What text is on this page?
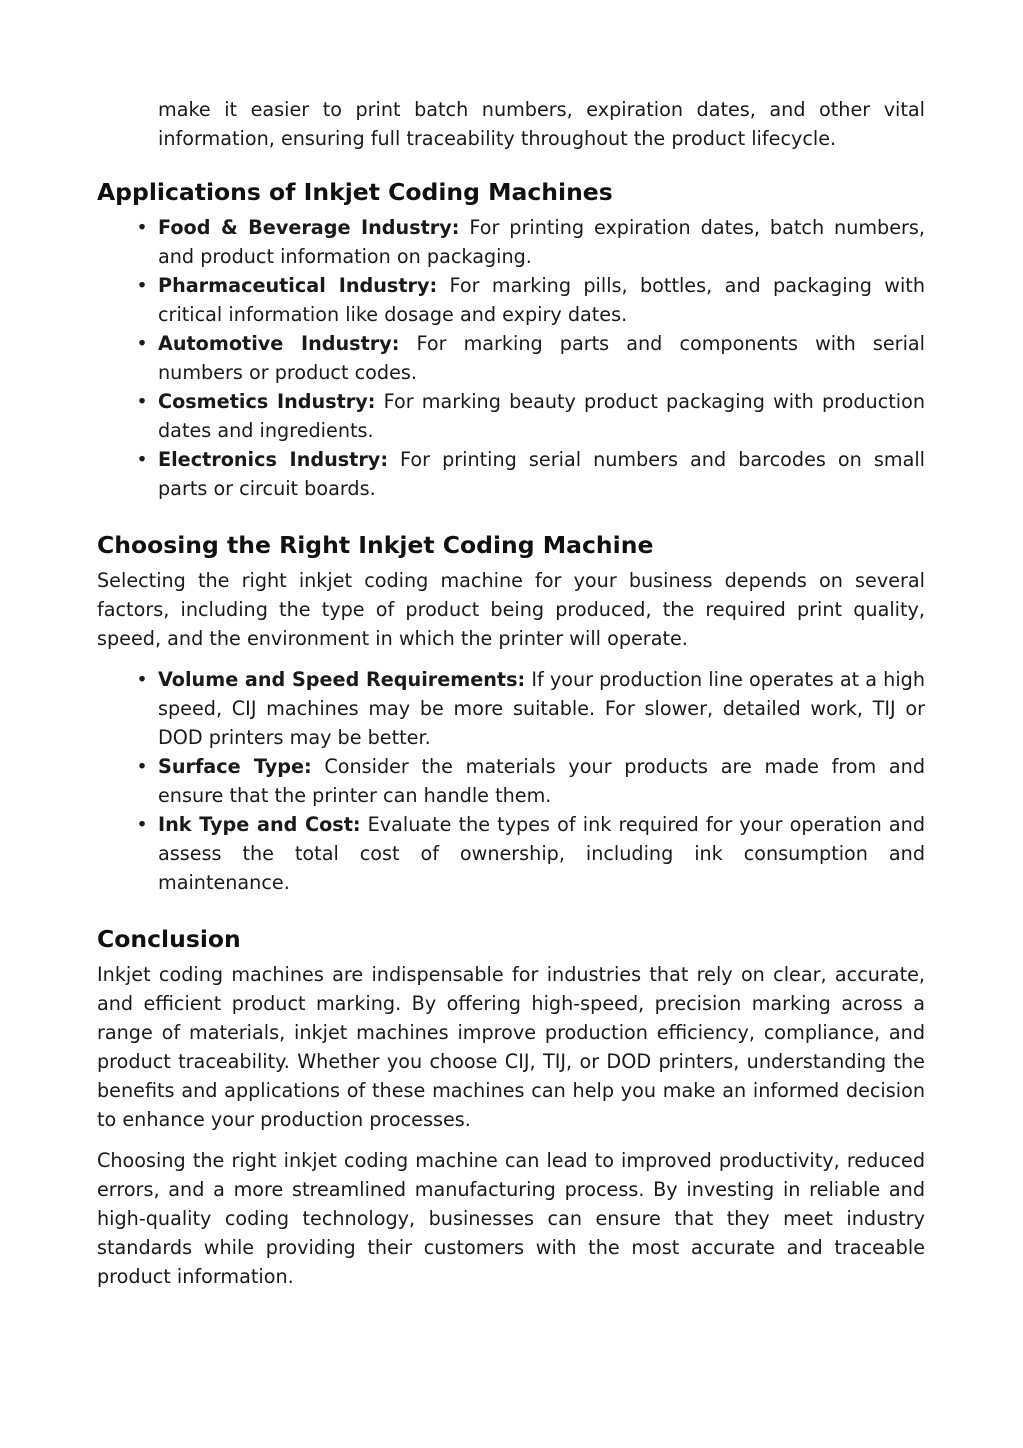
make it easier to print batch numbers, expiration dates, and other vital information, ensuring full traceability throughout the product lifecycle.

Applications of Inkjet Coding Machines
• Food & Beverage Industry: For printing expiration dates, batch numbers, and product information on packaging.
• Pharmaceutical Industry: For marking pills, bottles, and packaging with critical information like dosage and expiry dates.
• Automotive Industry: For marking parts and components with serial numbers or product codes.
• Cosmetics Industry: For marking beauty product packaging with production dates and ingredients.
• Electronics Industry: For printing serial numbers and barcodes on small parts or circuit boards.
Choosing the Right Inkjet Coding Machine

Selecting the right inkjet coding machine for your business depends on several factors, including the type of product being produced, the required print quality, speed, and the environment in which the printer will operate.

• Volume and Speed Requirements: If your production line operates at a high speed, CIJ machines may be more suitable. For slower, detailed work, TIJ or DOD printers may be better.
• Surface Type: Consider the materials your products are made from and ensure that the printer can handle them.
• Ink Type and Cost: Evaluate the types of ink required for your operation and assess the total cost of ownership, including ink consumption and maintenance.
Conclusion

Inkjet coding machines are indispensable for industries that rely on clear, accurate, and efficient product marking. By offering high-speed, precision marking across a range of materials, inkjet machines improve production efficiency, compliance, and product traceability. Whether you choose CIJ, TIJ, or DOD printers, understanding the benefits and applications of these machines can help you make an informed decision to enhance your production processes.

Choosing the right inkjet coding machine can lead to improved productivity, reduced errors, and a more streamlined manufacturing process. By investing in reliable and high-quality coding technology, businesses can ensure that they meet industry standards while providing their customers with the most accurate and traceable product information.
